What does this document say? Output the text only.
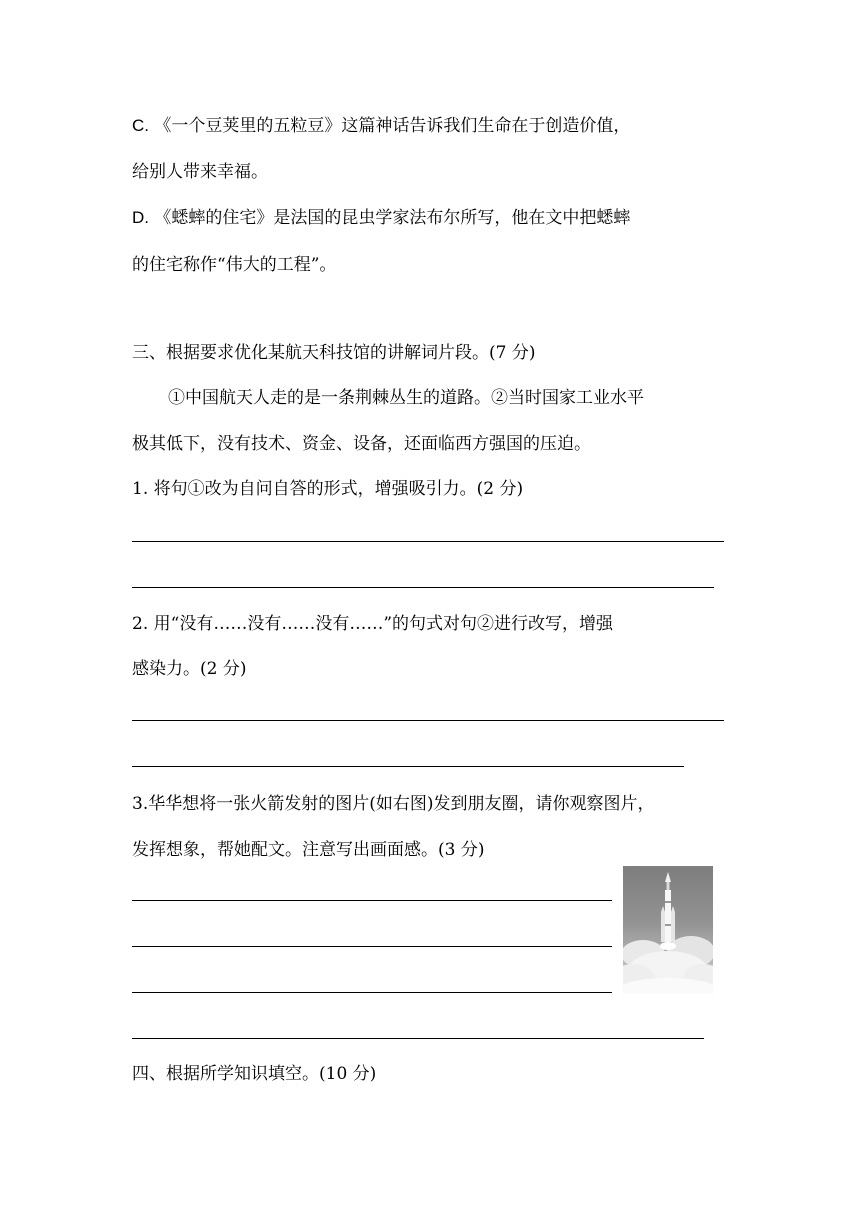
C. 《一个豆荚里的五粒豆》这篇神话告诉我们生命在于创造价值，
给别人带来幸福。
D. 《蟋蟀的住宅》是法国的昆虫学家法布尔所写，他在文中把蟋蟀
的住宅称作“伟大的工程”。
三、根据要求优化某航天科技馆的讲解词片段。(7 分)
①中国航天人走的是一条荆棘丛生的道路。②当时国家工业水平
极其低下，没有技术、资金、设备，还面临西方强国的压迫。
1. 将句①改为自问自答的形式，增强吸引力。(2 分)
2. 用“没有……没有……没有……”的句式对句②进行改写，增强
感染力。(2 分)
3.华华想将一张火箭发射的图片(如右图)发到朋友圈，请你观察图片，
发挥想象，帮她配文。注意写出画面感。(3 分)
四、根据所学知识填空。(10 分)
